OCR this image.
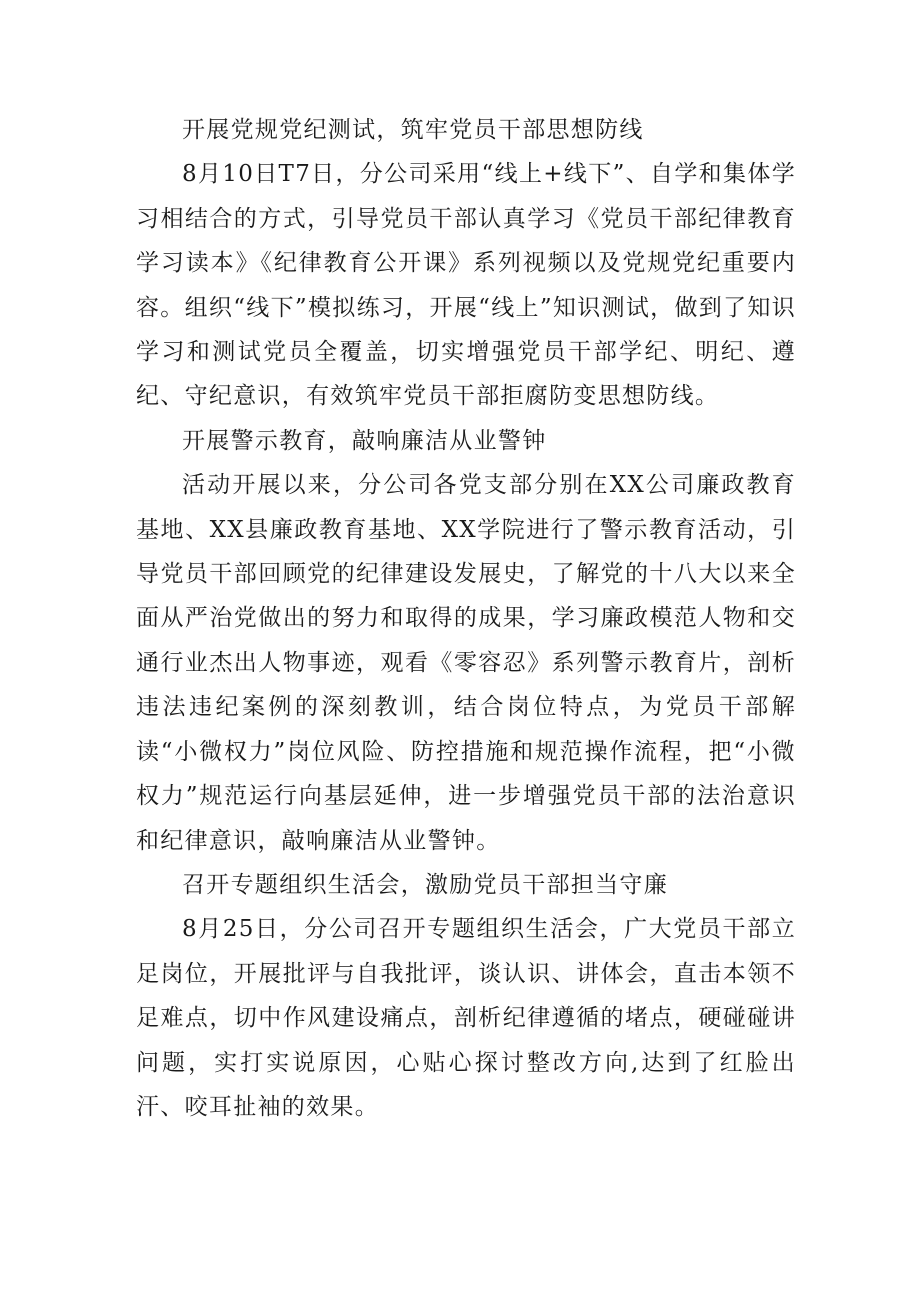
开展党规党纪测试，筑牢党员干部思想防线

8月10日T7日，分公司采用“线上+线下”、自学和集体学习相结合的方式，引导党员干部认真学习《党员干部纪律教育学习读本》《纪律教育公开课》系列视频以及党规党纪重要内容。组织“线下”模拟练习，开展“线上”知识测试，做到了知识学习和测试党员全覆盖，切实增强党员干部学纪、明纪、遵纪、守纪意识，有效筑牢党员干部拒腐防变思想防线。

开展警示教育，敲响廉洁从业警钟

活动开展以来，分公司各党支部分别在XX公司廉政教育基地、XX县廉政教育基地、XX学院进行了警示教育活动，引导党员干部回顾党的纪律建设发展史，了解党的十八大以来全面从严治党做出的努力和取得的成果，学习廉政模范人物和交通行业杰出人物事迹，观看《零容忍》系列警示教育片，剖析违法违纪案例的深刻教训，结合岗位特点，为党员干部解读“小微权力”岗位风险、防控措施和规范操作流程，把“小微权力”规范运行向基层延伸，进一步增强党员干部的法治意识和纪律意识，敲响廉洁从业警钟。

召开专题组织生活会，激励党员干部担当守廉

8月25日，分公司召开专题组织生活会，广大党员干部立足岗位，开展批评与自我批评，谈认识、讲体会，直击本领不足难点，切中作风建设痛点，剖析纪律遵循的堵点，硬碰碰讲问题，实打实说原因，心贴心探讨整改方向,达到了红脸出汗、咬耳扯袖的效果。
